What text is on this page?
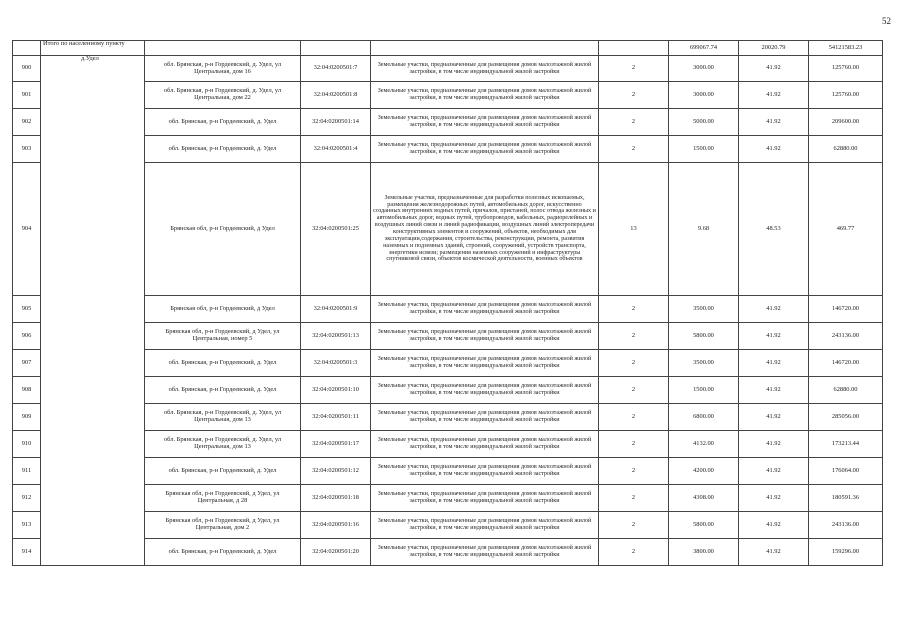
52
	Итого по населенному пункту					699067.74	20020.79	54121583.23
900	д.Удел	обл. Брянская, р-н Гордеевский, д. Удел, ул Центральная, дом 16	32:04:0200501:7	Земельные участки, предназначенные для размещения домов малоэтажной жилой застройки, в том числе индивидуальной жилой застройки	2	3000.00	41.92	125760.00
901		обл. Брянская, р-н Гордеевский, д. Удел, ул Центральная, дом 22	32:04:0200501:8	Земельные участки, предназначенные для размещения домов малоэтажной жилой застройки, в том числе индивидуальной жилой застройки	2	3000.00	41.92	125760.00
902		обл. Брянская, р-н Гордеевский, д. Удел	32:04:0200501:14	Земельные участки, предназначенные для размещения домов малоэтажной жилой застройки, в том числе индивидуальной жилой застройки	2	5000.00	41.92	209600.00
903		обл. Брянская, р-н Гордеевский, д. Удел	32:04:0200501:4	Земельные участки, предназначенные для размещения домов малоэтажной жилой застройки, в том числе индивидуальной жилой застройки	2	1500.00	41.92	62880.00
904		Брянская обл, р-н Гордеевский, д Удел	32:04:0200501:25	Земельные участки, предназначенные для разработки полезных ископаемых, размещения железнодорожных путей, автомобильных дорог, искусственно созданных внутренних водных путей, причалов, пристаней, полос отвода железных и автомобильных дорог, водных путей, трубопроводов, кабельных, радиорелейных и воздушных линий связи и линий радиофикации, воздушных линий электропередачи конструктивных элементов и сооружений, объектов, необходимых для эксплуатации,содержания, строительства, реконструкции, ремонта, развития наземных и подземных зданий, строений, сооружений, устройств транспорта, энергетики исвязи; размещения наземных сооружений и инфраструктуры спутниковой связи, объектов космической деятельности, военных объектов	13	9.68	48.53	469.77
905		Брянская обл, р-н Гордеевский, д Удел	32:04:0200501:9	Земельные участки, предназначенные для размещения домов малоэтажной жилой застройки, в том числе индивидуальной жилой застройки	2	3500.00	41.92	146720.00
906		Брянская обл, р-н Гордеевский, д Удел, ул Центральная, номер 5	32:04:0200501:13	Земельные участки, предназначенные для размещения домов малоэтажной жилой застройки, в том числе индивидуальной жилой застройки	2	5800.00	41.92	243136.00
907		обл. Брянская, р-н Гордеевский, д. Удел	32:04:0200501:3	Земельные участки, предназначенные для размещения домов малоэтажной жилой застройки, в том числе индивидуальной жилой застройки	2	3500.00	41.92	146720.00
908		обл. Брянская, р-н Гордеевский, д. Удел	32:04:0200501:10	Земельные участки, предназначенные для размещения домов малоэтажной жилой застройки, в том числе индивидуальной жилой застройки	2	1500.00	41.92	62880.00
909		обл. Брянская, р-н Гордеевский, д. Удел, ул Центральная, дом 13	32:04:0200501:11	Земельные участки, предназначенные для размещения домов малоэтажной жилой застройки, в том числе индивидуальной жилой застройки	2	6800.00	41.92	285056.00
910		обл. Брянская, р-н Гордеевский, д. Удел, ул Центральная, дом 13	32:04:0200501:17	Земельные участки, предназначенные для размещения домов малоэтажной жилой застройки, в том числе индивидуальной жилой застройки	2	4132.00	41.92	173213.44
911		обл. Брянская, р-н Гордеевский, д. Удел	32:04:0200501:12	Земельные участки, предназначенные для размещения домов малоэтажной жилой застройки, в том числе индивидуальной жилой застройки	2	4200.00	41.92	176064.00
912		Брянская обл, р-н Гордеевский, д Удел, ул Центральная, д 28	32:04:0200501:18	Земельные участки, предназначенные для размещения домов малоэтажной жилой застройки, в том числе индивидуальной жилой застройки	2	4308.00	41.92	180591.36
913		Брянская обл, р-н Гордеевский, д Удел, ул Центральная, дом 2	32:04:0200501:16	Земельные участки, предназначенные для размещения домов малоэтажной жилой застройки, в том числе индивидуальной жилой застройки	2	5800.00	41.92	243136.00
914		обл. Брянская, р-н Гордеевский, д. Удел	32:04:0200501:20	Земельные участки, предназначенные для размещения домов малоэтажной жилой застройки, в том числе индивидуальной жилой застройки	2	3800.00	41.92	159296.00
